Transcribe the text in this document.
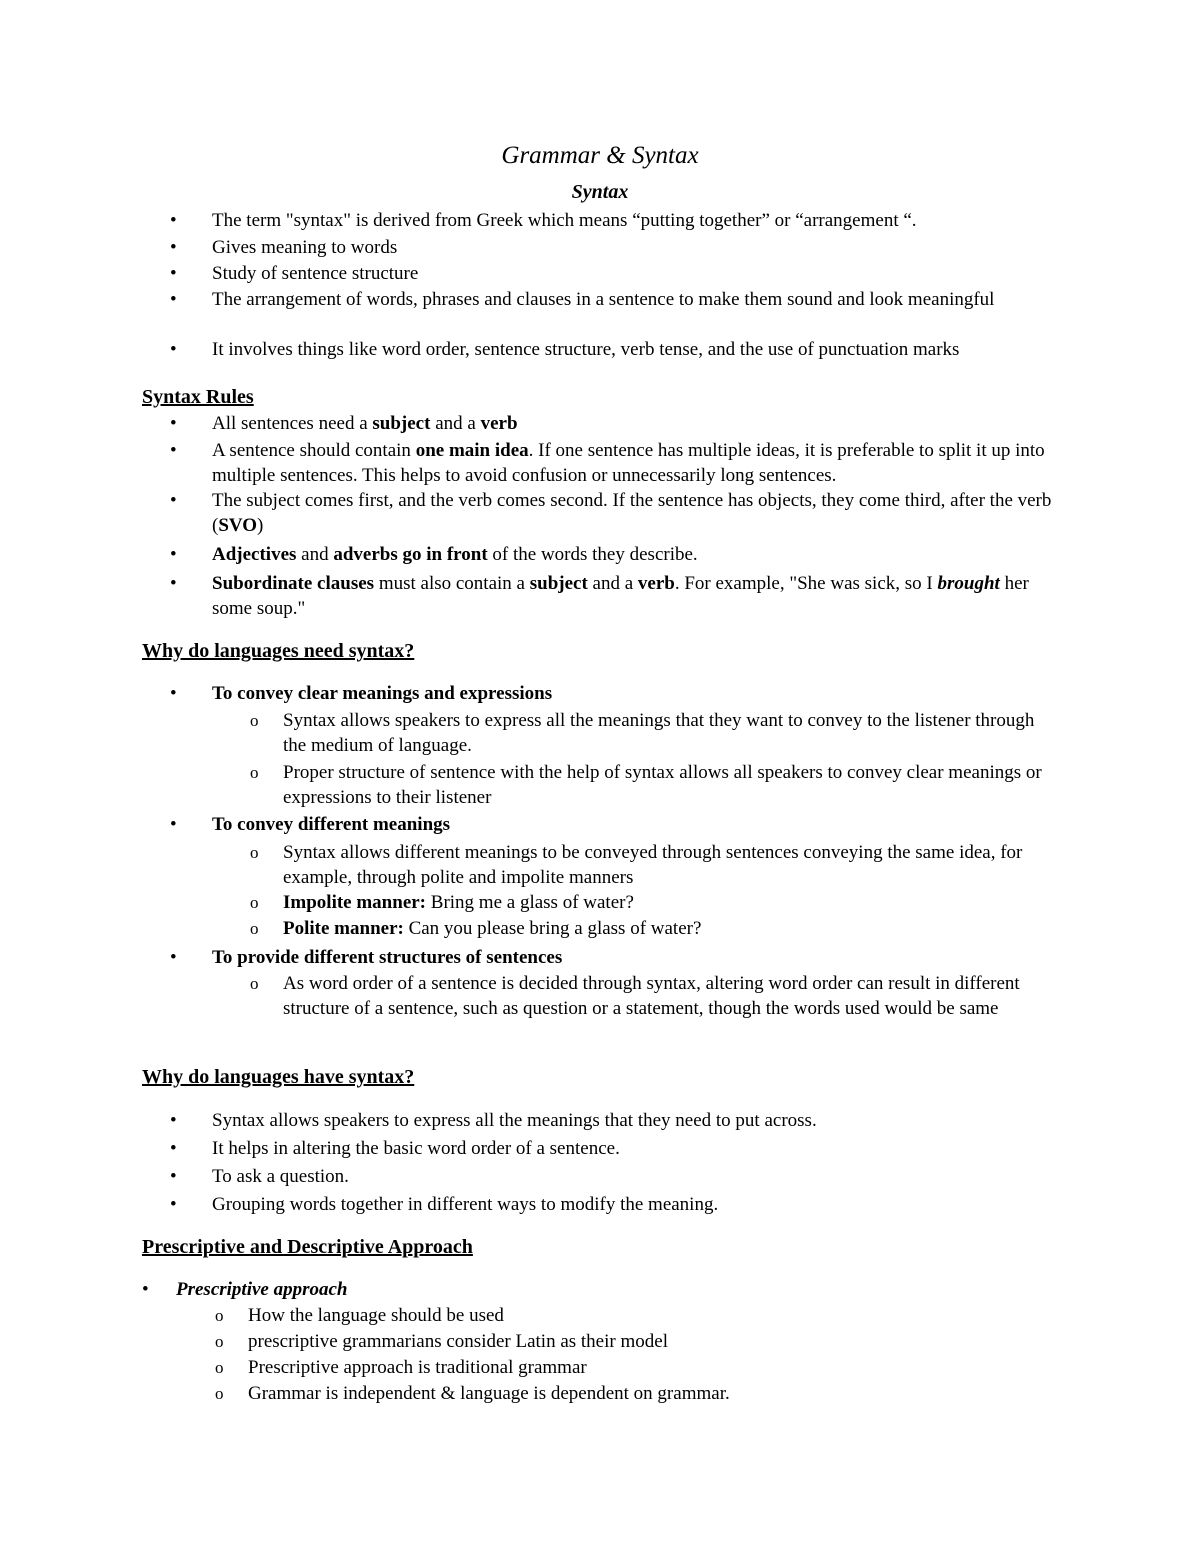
Grammar & Syntax
Syntax
•	The term "syntax" is derived from Greek which means “putting together” or “arrangement “.
•	Gives meaning to words
•	Study of sentence structure
•	The arrangement of words, phrases and clauses in a sentence to make them sound and look meaningful
•	It involves things like word order, sentence structure, verb tense, and the use of punctuation marks
Syntax Rules
•	All sentences need a subject and a verb
•	A sentence should contain one main idea. If one sentence has multiple ideas, it is preferable to split it up into multiple sentences. This helps to avoid confusion or unnecessarily long sentences.
•	The subject comes first, and the verb comes second. If the sentence has objects, they come third, after the verb (SVO)
•	Adjectives and adverbs go in front of the words they describe.
•	Subordinate clauses must also contain a subject and a verb. For example, "She was sick, so I brought her some soup."
Why do languages need syntax?
•	To convey clear meanings and expressions
o Syntax allows speakers to express all the meanings that they want to convey to the listener through the medium of language.
o Proper structure of sentence with the help of syntax allows all speakers to convey clear meanings or expressions to their listener
•	To convey different meanings
o Syntax allows different meanings to be conveyed through sentences conveying the same idea, for example, through polite and impolite manners
o Impolite manner: Bring me a glass of water?
o Polite manner: Can you please bring a glass of water?
•	To provide different structures of sentences
o As word order of a sentence is decided through syntax, altering word order can result in different structure of a sentence, such as question or a statement, though the words used would be same
Why do languages have syntax?
•	Syntax allows speakers to express all the meanings that they need to put across.
•	It helps in altering the basic word order of a sentence.
•	To ask a question.
•	Grouping words together in different ways to modify the meaning.
Prescriptive and Descriptive Approach
•	Prescriptive approach
o How the language should be used
o prescriptive grammarians consider Latin as their model
o Prescriptive approach is traditional grammar
o Grammar is independent & language is dependent on grammar.
